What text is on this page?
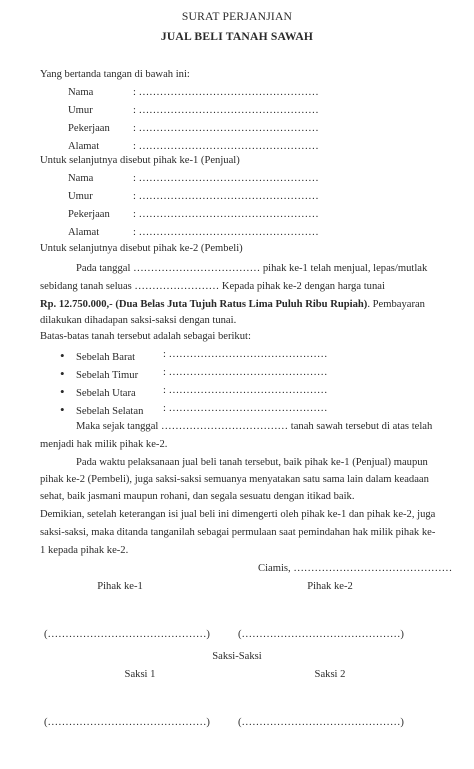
SURAT PERJANJIAN
JUAL BELI TANAH SAWAH
Yang bertanda tangan di bawah ini:
Nama	: ……………………………………………
Umur	: ……………………………………………
Pekerjaan : ……………………………………………
Alamat	: ……………………………………………
Untuk selanjutnya disebut pihak ke-1 (Penjual)
Nama	: ……………………………………………
Umur	: ……………………………………………
Pekerjaan : ……………………………………………
Alamat	: ……………………………………………
Untuk selanjutnya disebut pihak ke-2 (Pembeli)
Pada tanggal ……………………………… pihak ke-1 telah menjual, lepas/mutlak
sebidang tanah seluas …………………… Kepada pihak ke-2 dengan harga tunai
Rp. 12.750.000,- (Dua Belas Juta Tujuh Ratus Lima Puluh Ribu Rupiah). Pembayaran
dilakukan dihadapan saksi-saksi dengan tunai.
Batas-batas tanah tersebut adalah sebagai berikut:
• Sebelah Barat	: ………………………………………
• Sebelah Timur : ………………………………………
• Sebelah Utara	: ………………………………………
• Sebelah Selatan : ………………………………………
Maka sejak tanggal ……………………………… tanah sawah tersebut di atas telah
menjadi hak milik pihak ke-2.
Pada waktu pelaksanaan jual beli tanah tersebut, baik pihak ke-1 (Penjual) maupun
pihak ke-2 (Pembeli), juga saksi-saksi semuanya menyatakan satu sama lain dalam keadaan
sehat, baik jasmani maupun rohani, dan segala sesuatu dengan itikad baik.
Demikian, setelah keterangan isi jual beli ini dimengerti oleh pihak ke-1 dan pihak ke-2, juga
saksi-saksi, maka ditanda tanganilah sebagai permulaan saat pemindahan hak milik pihak ke-
1 kepada pihak ke-2.
Ciamis, ………………………………………
Pihak ke-1	Pihak ke-2
(………………………………………)	(………………………………………)
Saksi-Saksi
Saksi 1	Saksi 2
(………………………………………)	(………………………………………)
